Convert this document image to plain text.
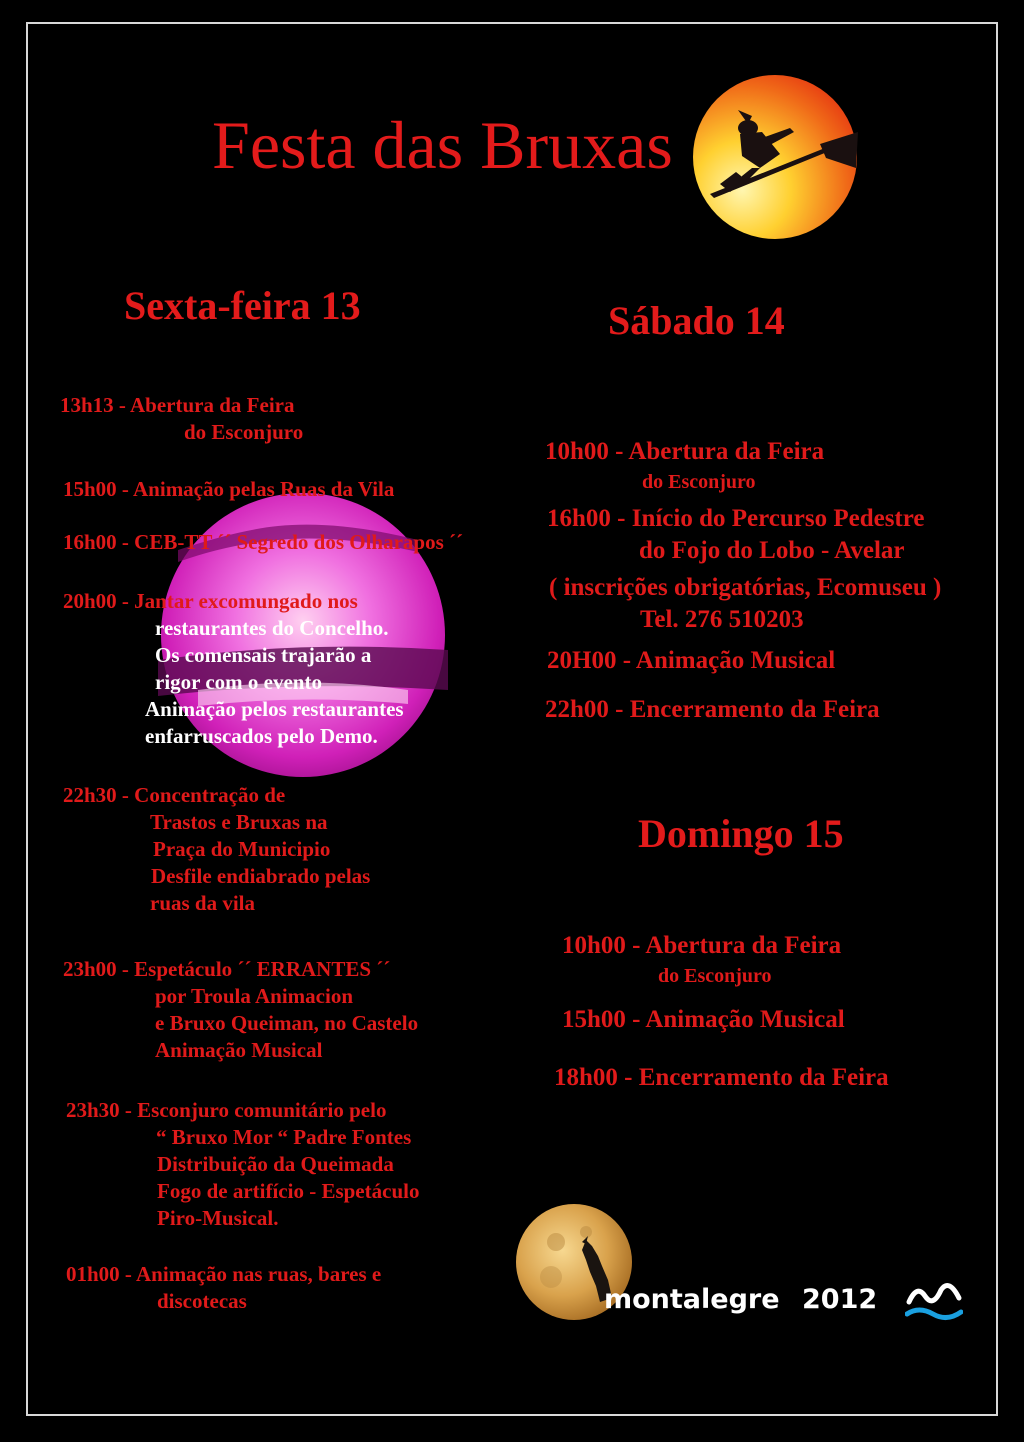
Festa das Bruxas
Sexta-feira 13
13h13 - Abertura da Feira
do Esconjuro
15h00 - Animação pelas Ruas da Vila
16h00 - CEB-TT ´´ Segredo dos Olharapos ´´
20h00 - Jantar excomungado nos
restaurantes do Concelho.
Os comensais trajarão a
rigor com o evento
Animação pelos restaurantes
enfarruscados pelo Demo.
22h30 - Concentração de
Trastos e Bruxas na
Praça do Municipio
Desfile endiabrado pelas
ruas da vila
23h00 - Espetáculo ´´ ERRANTES ´´
por Troula Animacion
e Bruxo Queiman, no Castelo
Animação Musical
23h30 - Esconjuro comunitário pelo
“ Bruxo Mor “ Padre Fontes
Distribuição da Queimada
Fogo de artifício - Espetáculo
Piro-Musical.
01h00 - Animação nas ruas, bares e
discotecas
Sábado 14
10h00 - Abertura da Feira
do Esconjuro
16h00 - Início do Percurso Pedestre
do Fojo do Lobo - Avelar
( inscrições obrigatórias, Ecomuseu )
Tel. 276 510203
20H00 - Animação Musical
22h00 - Encerramento da Feira
Domingo 15
10h00 - Abertura da Feira
do Esconjuro
15h00 - Animação Musical
18h00 - Encerramento da Feira
montalegre 2012
